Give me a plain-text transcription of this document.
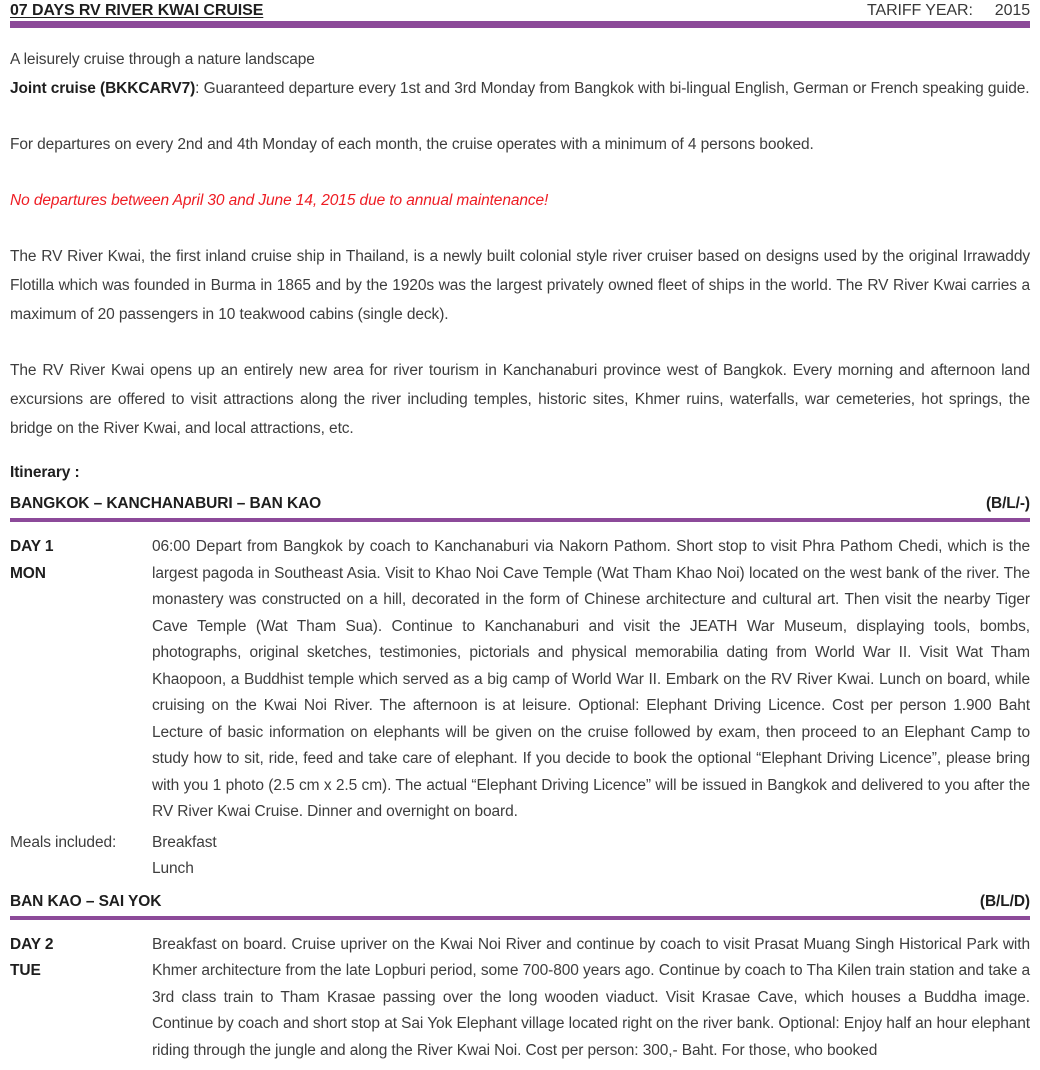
07 DAYS RV RIVER KWAI CRUISE	TARIFF YEAR: 2015

A leisurely cruise through a nature landscape

Joint cruise (BKKCARV7): Guaranteed departure every 1st and 3rd Monday from Bangkok with bi-lingual English, German or French speaking guide.

For departures on every 2nd and 4th Monday of each month, the cruise operates with a minimum of 4 persons booked.

No departures between April 30 and June 14, 2015 due to annual maintenance!

The RV River Kwai, the first inland cruise ship in Thailand, is a newly built colonial style river cruiser based on designs used by the original Irrawaddy Flotilla which was founded in Burma in 1865 and by the 1920s was the largest privately owned fleet of ships in the world. The RV River Kwai carries a maximum of 20 passengers in 10 teakwood cabins (single deck).

The RV River Kwai opens up an entirely new area for river tourism in Kanchanaburi province west of Bangkok. Every morning and afternoon land excursions are offered to visit attractions along the river including temples, historic sites, Khmer ruins, waterfalls, war cemeteries, hot springs, the bridge on the River Kwai, and local attractions, etc.

Itinerary :

BANGKOK – KANCHANABURI – BAN KAO	(B/L/-)
DAY 1
MON
06:00 Depart from Bangkok by coach to Kanchanaburi via Nakorn Pathom. Short stop to visit Phra Pathom Chedi, which is the largest pagoda in Southeast Asia. Visit to Khao Noi Cave Temple (Wat Tham Khao Noi) located on the west bank of the river. The monastery was constructed on a hill, decorated in the form of Chinese architecture and cultural art. Then visit the nearby Tiger Cave Temple (Wat Tham Sua). Continue to Kanchanaburi and visit the JEATH War Museum, displaying tools, bombs, photographs, original sketches, testimonies, pictorials and physical memorabilia dating from World War II. Visit Wat Tham Khaopoon, a Buddhist temple which served as a big camp of World War II. Embark on the RV River Kwai. Lunch on board, while cruising on the Kwai Noi River. The afternoon is at leisure. Optional: Elephant Driving Licence. Cost per person 1.900 Baht Lecture of basic information on elephants will be given on the cruise followed by exam, then proceed to an Elephant Camp to study how to sit, ride, feed and take care of elephant. If you decide to book the optional “Elephant Driving Licence”, please bring with you 1 photo (2.5 cm x 2.5 cm). The actual “Elephant Driving Licence” will be issued in Bangkok and delivered to you after the RV River Kwai Cruise. Dinner and overnight on board.
Meals included:	Breakfast
Lunch
BAN KAO – SAI YOK	(B/L/D)
DAY 2
TUE
Breakfast on board. Cruise upriver on the Kwai Noi River and continue by coach to visit Prasat Muang Singh Historical Park with Khmer architecture from the late Lopburi period, some 700-800 years ago. Continue by coach to Tha Kilen train station and take a 3rd class train to Tham Krasae passing over the long wooden viaduct. Visit Krasae Cave, which houses a Buddha image. Continue by coach and short stop at Sai Yok Elephant village located right on the river bank. Optional: Enjoy half an hour elephant riding through the jungle and along the River Kwai Noi. Cost per person: 300,- Baht. For those, who booked
